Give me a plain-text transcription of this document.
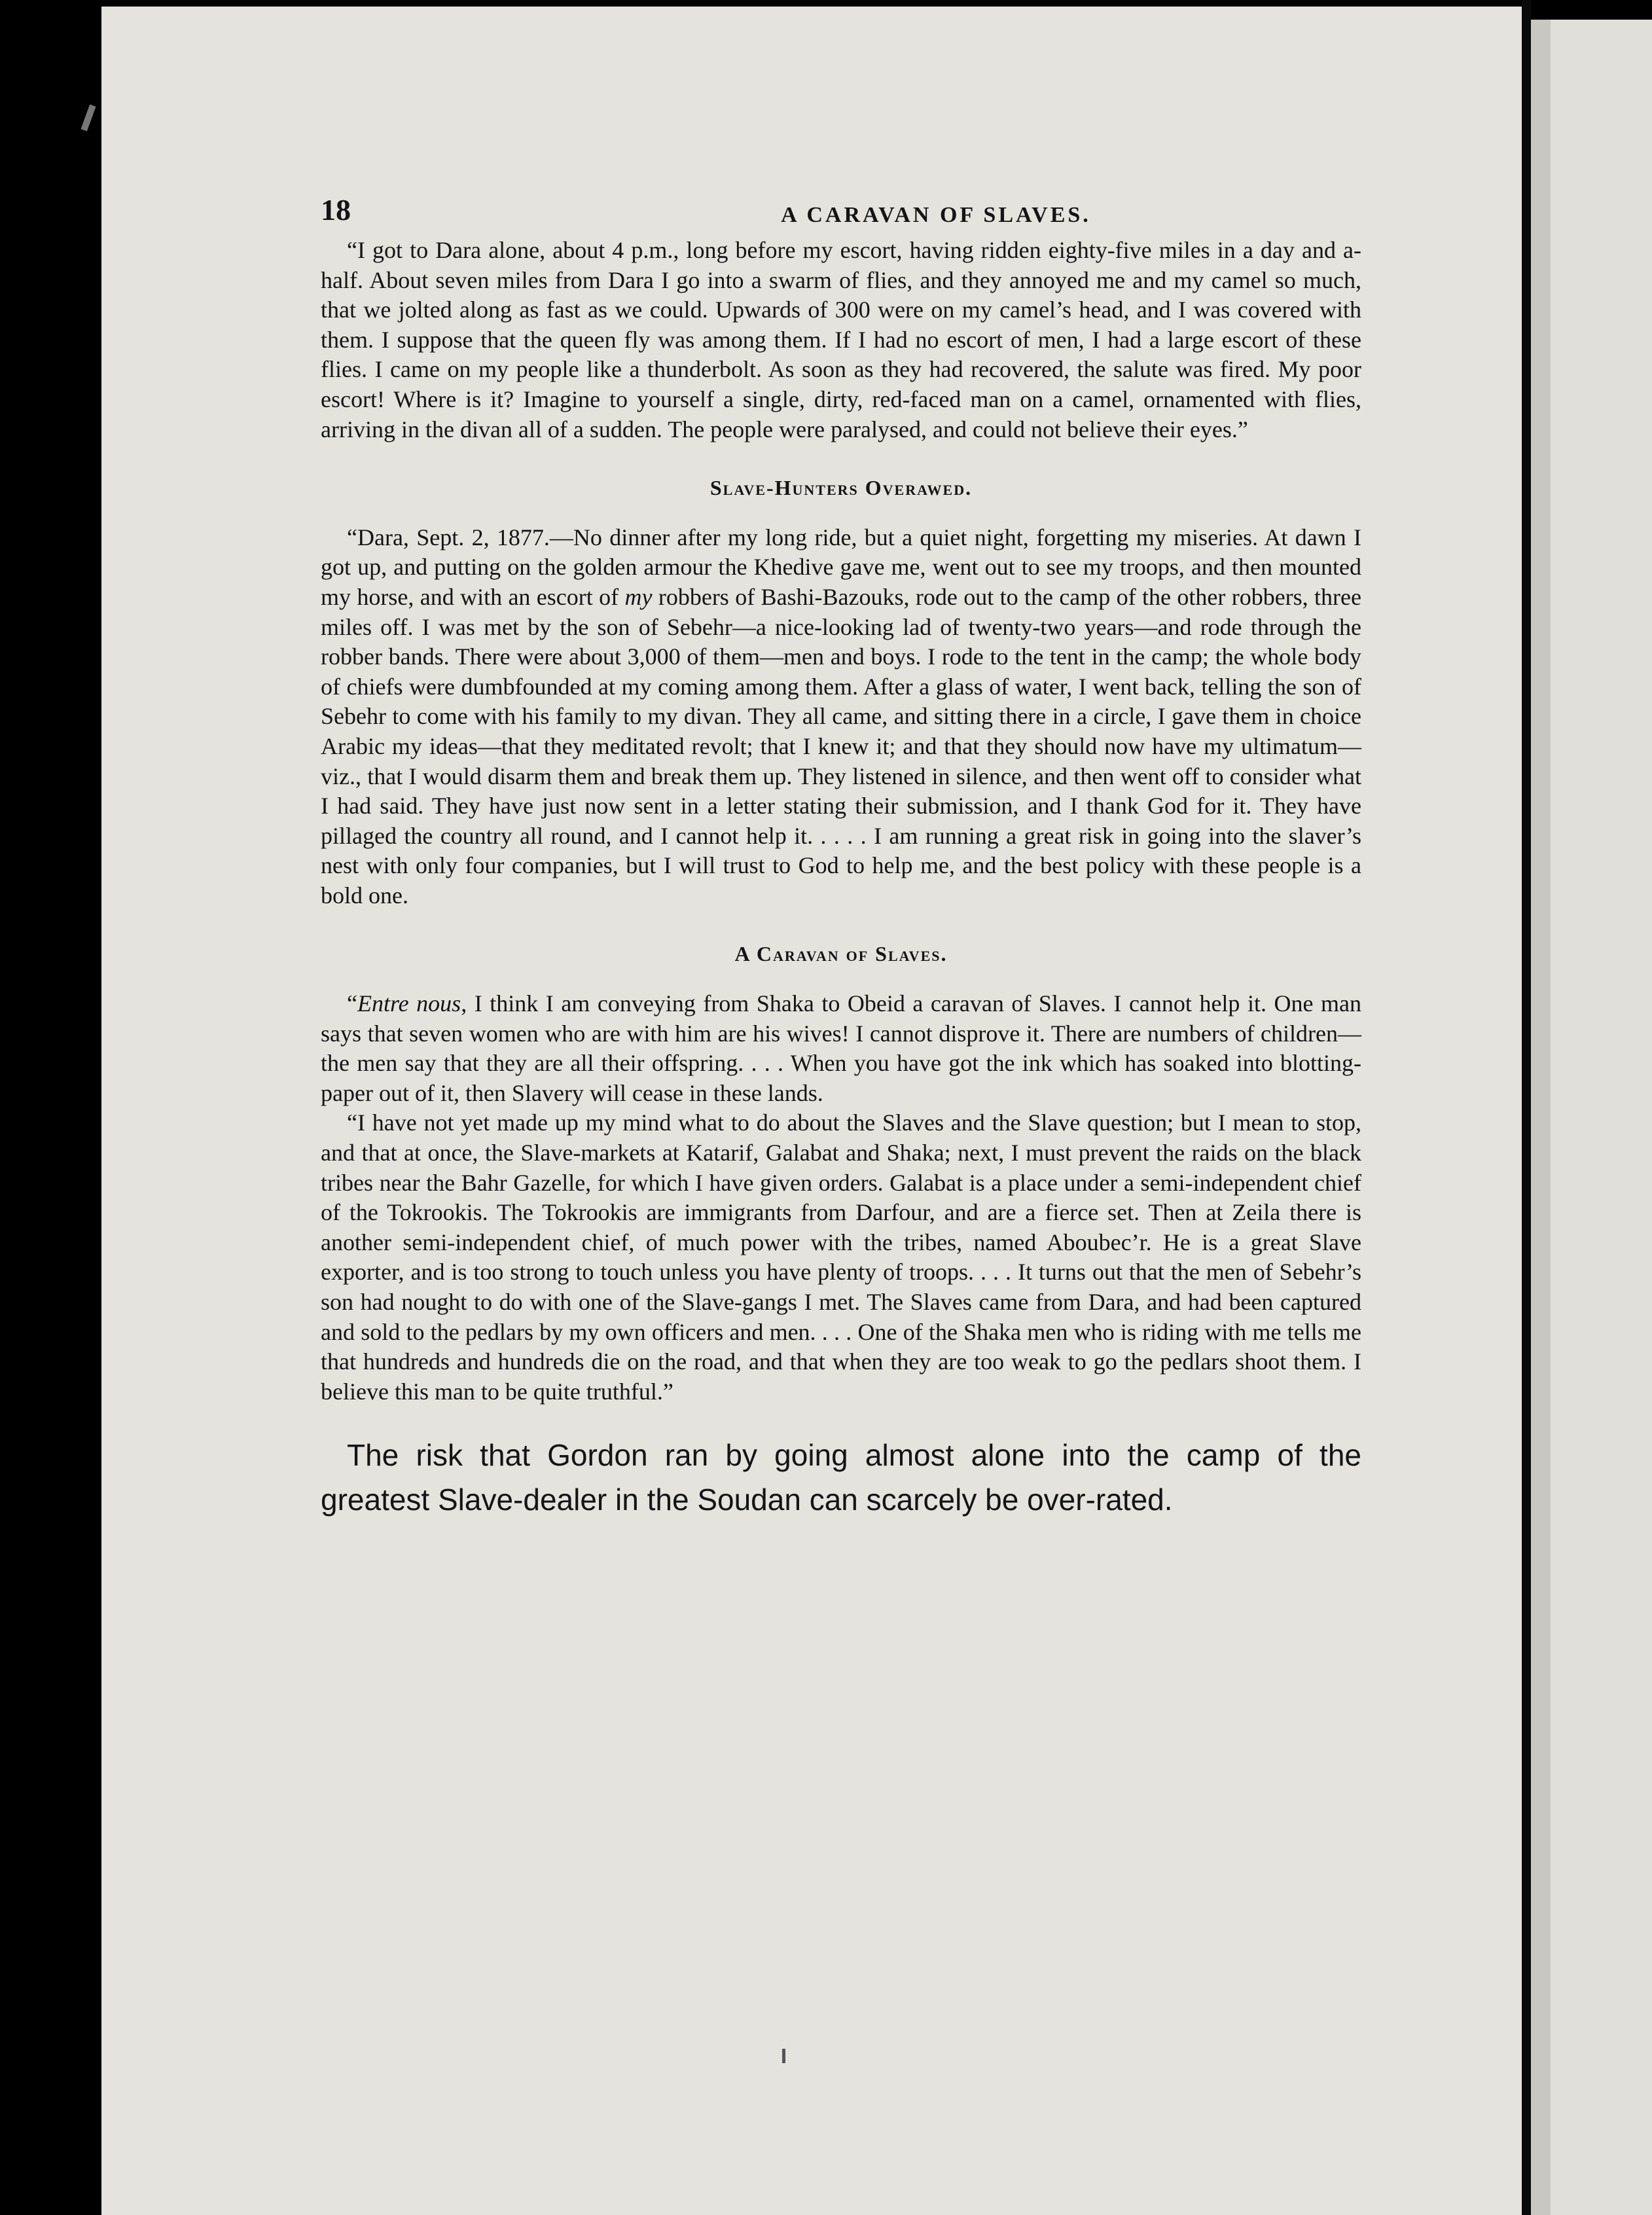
18	A CARAVAN OF SLAVES.

“I got to Dara alone, about 4 p.m., long before my escort, having ridden eighty-five miles in a day and a-half. About seven miles from Dara I go into a swarm of flies, and they annoyed me and my camel so much, that we jolted along as fast as we could. Upwards of 300 were on my camel’s head, and I was covered with them. I suppose that the queen fly was among them. If I had no escort of men, I had a large escort of these flies. I came on my people like a thunderbolt. As soon as they had recovered, the salute was fired. My poor escort! Where is it? Imagine to yourself a single, dirty, red-faced man on a camel, ornamented with flies, arriving in the divan all of a sudden. The people were paralysed, and could not believe their eyes.”

Slave-Hunters Overawed.

“Dara, Sept. 2, 1877.—No dinner after my long ride, but a quiet night, forgetting my miseries. At dawn I got up, and putting on the golden armour the Khedive gave me, went out to see my troops, and then mounted my horse, and with an escort of my robbers of Bashi-Bazouks, rode out to the camp of the other robbers, three miles off. I was met by the son of Sebehr—a nice-looking lad of twenty-two years—and rode through the robber bands. There were about 3,000 of them—men and boys. I rode to the tent in the camp; the whole body of chiefs were dumbfounded at my coming among them. After a glass of water, I went back, telling the son of Sebehr to come with his family to my divan. They all came, and sitting there in a circle, I gave them in choice Arabic my ideas—that they meditated revolt; that I knew it; and that they should now have my ultimatum—viz., that I would disarm them and break them up. They listened in silence, and then went off to consider what I had said. They have just now sent in a letter stating their submission, and I thank God for it. They have pillaged the country all round, and I cannot help it. . . . . I am running a great risk in going into the slaver’s nest with only four companies, but I will trust to God to help me, and the best policy with these people is a bold one.

A Caravan of Slaves.

“Entre nous, I think I am conveying from Shaka to Obeid a caravan of Slaves. I cannot help it. One man says that seven women who are with him are his wives! I cannot disprove it. There are numbers of children—the men say that they are all their offspring. . . . When you have got the ink which has soaked into blotting-paper out of it, then Slavery will cease in these lands.

“I have not yet made up my mind what to do about the Slaves and the Slave question; but I mean to stop, and that at once, the Slave-markets at Katarif, Galabat and Shaka; next, I must prevent the raids on the black tribes near the Bahr Gazelle, for which I have given orders. Galabat is a place under a semi-independent chief of the Tokrookis. The Tokrookis are immigrants from Darfour, and are a fierce set. Then at Zeila there is another semi-independent chief, of much power with the tribes, named Aboubec’r. He is a great Slave exporter, and is too strong to touch unless you have plenty of troops. . . . It turns out that the men of Sebehr’s son had nought to do with one of the Slave-gangs I met. The Slaves came from Dara, and had been captured and sold to the pedlars by my own officers and men. . . . One of the Shaka men who is riding with me tells me that hundreds and hundreds die on the road, and that when they are too weak to go the pedlars shoot them. I believe this man to be quite truthful.”

The risk that Gordon ran by going almost alone into the camp of the greatest Slave-dealer in the Soudan can scarcely be over-rated.
